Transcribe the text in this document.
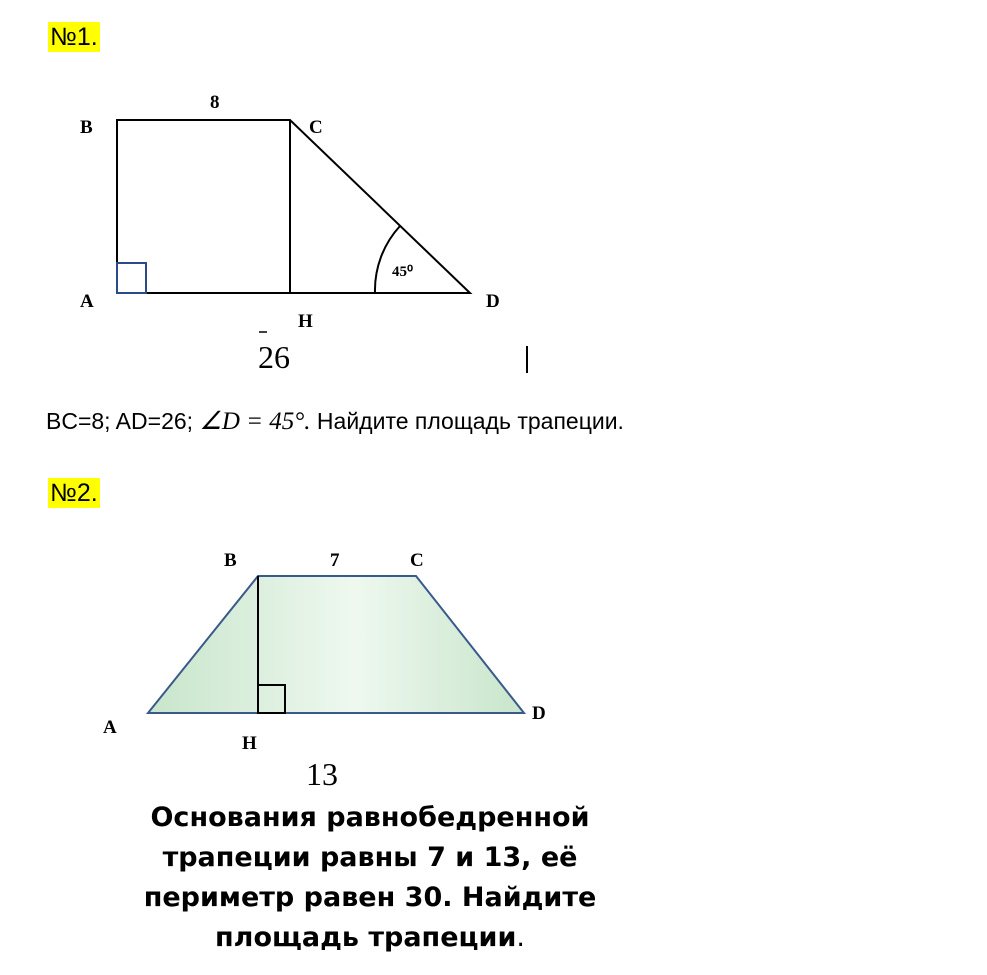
№1.
B	C
A	D
H
8
45⁰
26
BC=8; AD=26; ∠D = 45°. Найдите площадь трапеции.
№2.
B	C
A
D
H
7
13
Основания равнобедренной трапеции равны 7 и 13, её периметр равен 30. Найдите площадь трапеции.
